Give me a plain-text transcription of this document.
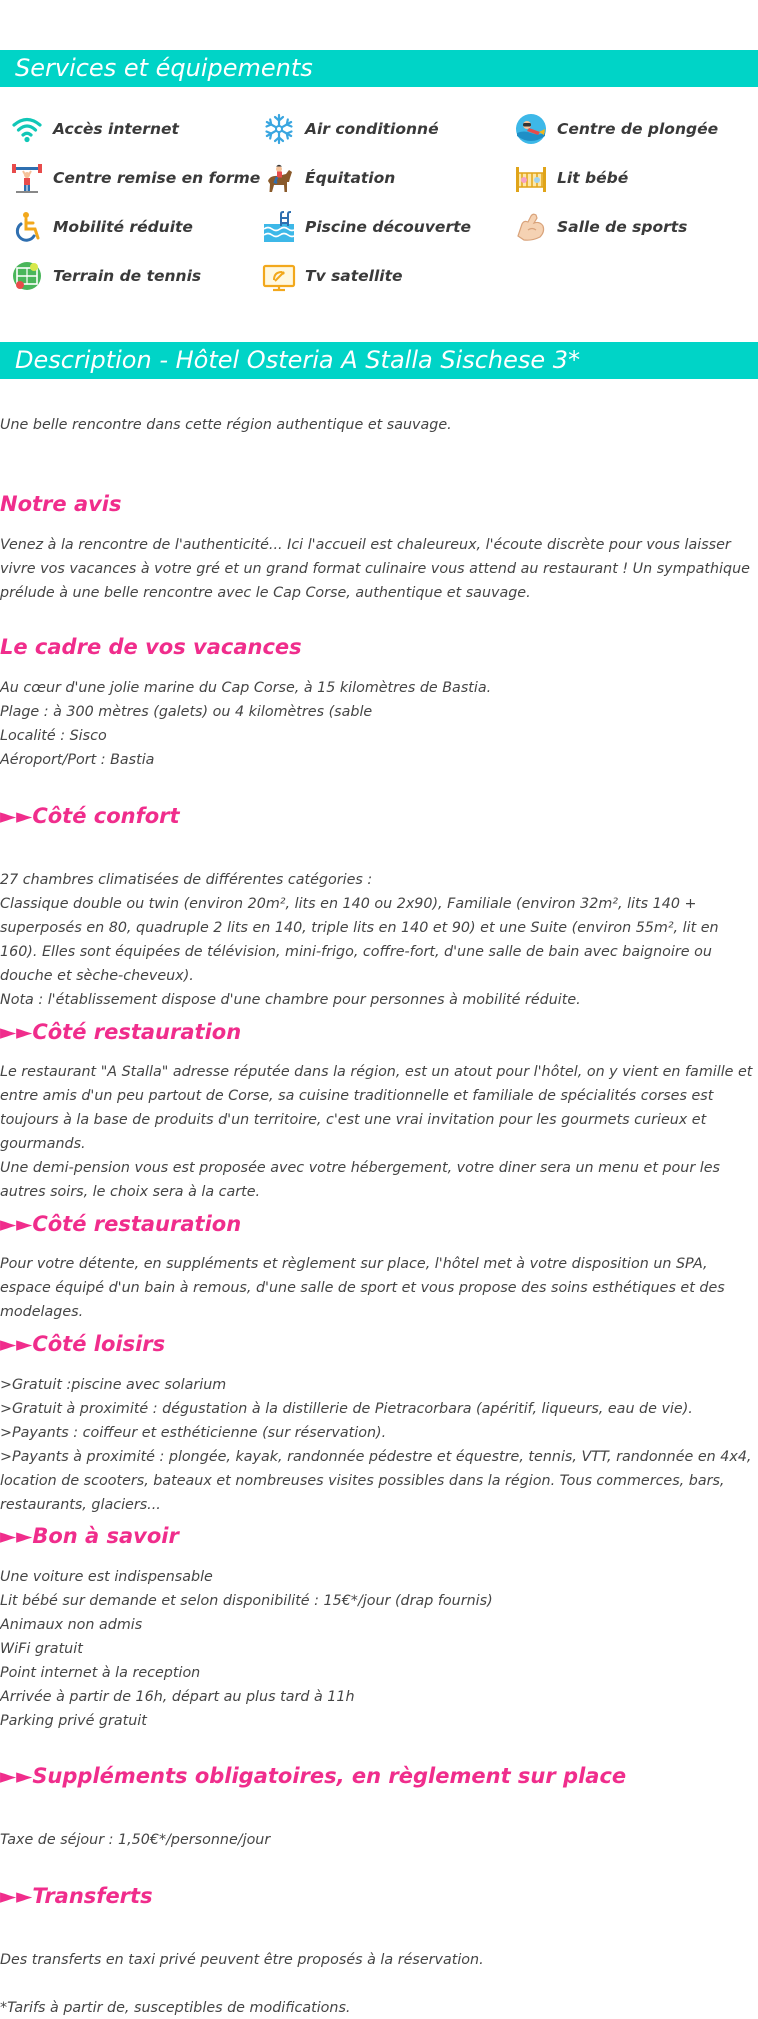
Services et équipements
Accès internet	Air conditionné	Centre de plongée
Centre remise en forme	Équitation	Lit bébé
Mobilité réduite	Piscine découverte	Salle de sports
Terrain de tennis	Tv satellite
Description - Hôtel Osteria A Stalla Sischese 3*
Une belle rencontre dans cette région authentique et sauvage.
Notre avis
Venez à la rencontre de l'authenticité... Ici l'accueil est chaleureux, l'écoute discrète pour vous laisser vivre vos vacances à votre gré et un grand format culinaire vous attend au restaurant ! Un sympathique prélude à une belle rencontre avec le Cap Corse, authentique et sauvage.
Le cadre de vos vacances
Au cœur d'une jolie marine du Cap Corse, à 15 kilomètres de Bastia.
Plage : à 300 mètres (galets) ou 4 kilomètres (sable
Localité : Sisco
Aéroport/Port : Bastia
► ► Côté confort
27 chambres climatisées de différentes catégories :
Classique double ou twin (environ 20m², lits en 140 ou 2x90), Familiale (environ 32m², lits 140 + superposés en 80, quadruple 2 lits en 140, triple lits en 140 et 90) et une Suite (environ 55m², lit en 160). Elles sont équipées de télévision, mini-frigo, coffre-fort, d'une salle de bain avec baignoire ou douche et sèche-cheveux).
Nota : l'établissement dispose d'une chambre pour personnes à mobilité réduite.
► ► Côté restauration
Le restaurant "A Stalla" adresse réputée dans la région, est un atout pour l'hôtel, on y vient en famille et entre amis d'un peu partout de Corse, sa cuisine traditionnelle et familiale de spécialités corses est toujours à la base de produits d'un territoire, c'est une vrai invitation pour les gourmets curieux et gourmands.
Une demi-pension vous est proposée avec votre hébergement, votre diner sera un menu et pour les autres soirs, le choix sera à la carte.
► ► Côté restauration
Pour votre détente, en suppléments et règlement sur place, l'hôtel met à votre disposition un SPA, espace équipé d'un bain à remous, d'une salle de sport et vous propose des soins esthétiques et des modelages.
► ► Côté loisirs
>Gratuit :piscine avec solarium
>Gratuit à proximité : dégustation à la distillerie de Pietracorbara (apéritif, liqueurs, eau de vie).
>Payants : coiffeur et esthéticienne (sur réservation).
>Payants à proximité : plongée, kayak, randonnée pédestre et équestre, tennis, VTT, randonnée en 4x4, location de scooters, bateaux et nombreuses visites possibles dans la région. Tous commerces, bars, restaurants, glaciers...
► ► Bon à savoir
Une voiture est indispensable
Lit bébé sur demande et selon disponibilité : 15€*/jour (drap fournis)
Animaux non admis
WiFi gratuit
Point internet à la reception
Arrivée à partir de 16h, départ au plus tard à 11h
Parking privé gratuit
► ► Suppléments obligatoires, en règlement sur place
Taxe de séjour : 1,50€*/personne/jour
► ► Transferts
Des transferts en taxi privé peuvent être proposés à la réservation.
*Tarifs à partir de, susceptibles de modifications.
